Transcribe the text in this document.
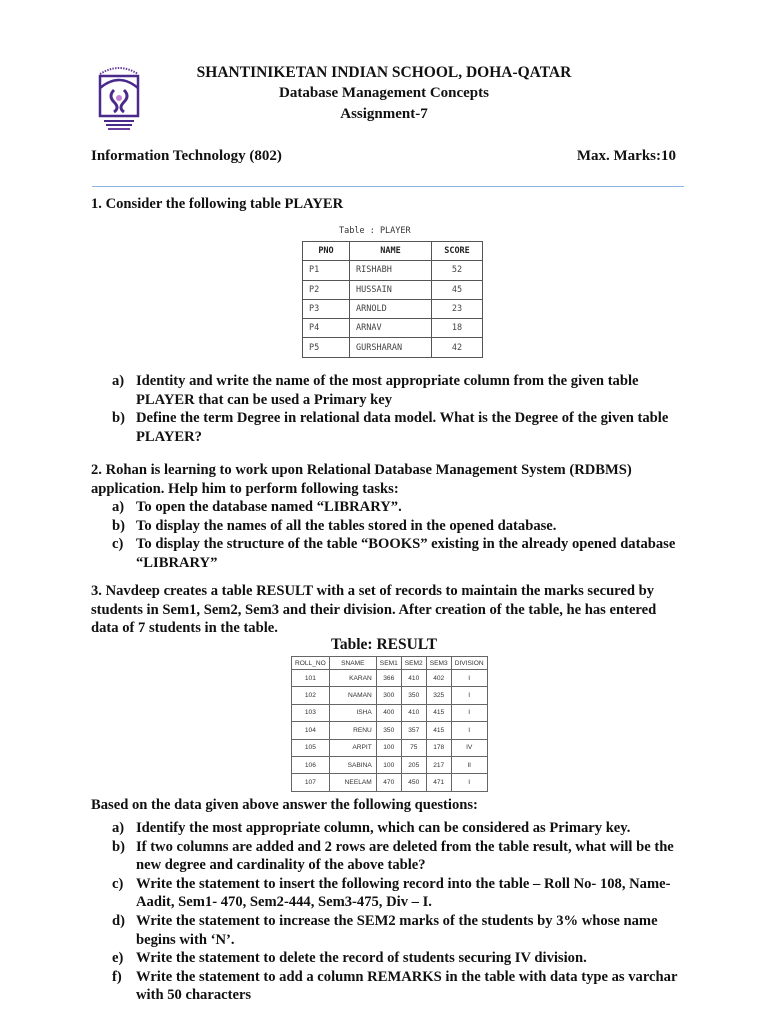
SHANTINIKETAN INDIAN SCHOOL, DOHA-QATAR
Database Management Concepts
Assignment-7
Information Technology (802)	Max. Marks:10
1. Consider the following table PLAYER
Table : PLAYER
PNO	NAME	SCORE
P1	RISHABH	52
P2	HUSSAIN	45
P3	ARNOLD	23
P4	ARNAV	18
P5	GURSHARAN	42
a) Identity and write the name of the most appropriate column from the given table PLAYER that can be used a Primary key
b) Define the term Degree in relational data model. What is the Degree of the given table PLAYER?
2. Rohan is learning to work upon Relational Database Management System (RDBMS) application. Help him to perform following tasks:
a) To open the database named “LIBRARY”.
b) To display the names of all the tables stored in the opened database.
c) To display the structure of the table “BOOKS” existing in the already opened database “LIBRARY”
3. Navdeep creates a table RESULT with a set of records to maintain the marks secured by students in Sem1, Sem2, Sem3 and their division. After creation of the table, he has entered data of 7 students in the table.
Table: RESULT
ROLL_NO	SNAME	SEM1	SEM2	SEM3	DIVISION
101	KARAN	366	410	402	I
102	NAMAN	300	350	325	I
103	ISHA	400	410	415	I
104	RENU	350	357	415	I
105	ARPIT	100	75	178	IV
106	SABINA	100	205	217	II
107	NEELAM	470	450	471	I
Based on the data given above answer the following questions:
a) Identify the most appropriate column, which can be considered as Primary key.
b) If two columns are added and 2 rows are deleted from the table result, what will be the new degree and cardinality of the above table?
c) Write the statement to insert the following record into the table – Roll No- 108, Name- Aadit, Sem1- 470, Sem2-444, Sem3-475, Div – I.
d) Write the statement to increase the SEM2 marks of the students by 3% whose name begins with ‘N’.
e) Write the statement to delete the record of students securing IV division.
f) Write the statement to add a column REMARKS in the table with data type as varchar with 50 characters
